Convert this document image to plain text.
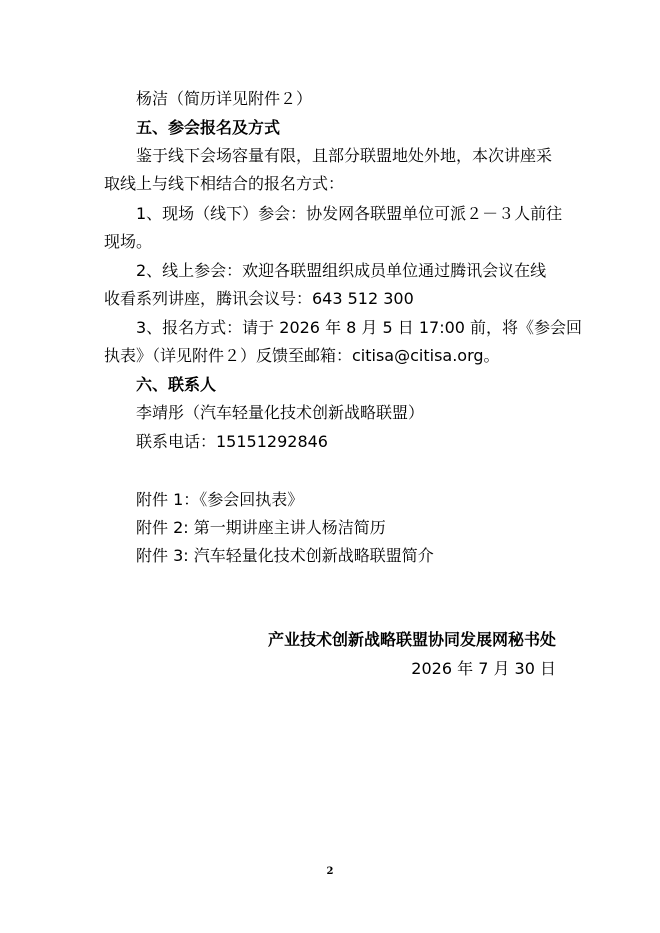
杨洁（简历详见附件２）
五、参会报名及方式
鉴于线下会场容量有限，且部分联盟地处外地，本次讲座采
取线上与线下相结合的报名方式：
1、现场（线下）参会：协发网各联盟单位可派２－３人前往
现场。
2、线上参会：欢迎各联盟组织成员单位通过腾讯会议在线
收看系列讲座，腾讯会议号：643 512 300
3、报名方式：请于 2026 年 8 月 5 日 17:00 前，将《参会回
执表》（详见附件２）反馈至邮箱：citisa@citisa.org。
六、联系人
李靖彤（汽车轻量化技术创新战略联盟）
联系电话：15151292846
附件 1：《参会回执表》
附件 2: 第一期讲座主讲人杨洁简历
附件 3: 汽车轻量化技术创新战略联盟简介
产业技术创新战略联盟协同发展网秘书处
2026 年 7 月 30 日
2
